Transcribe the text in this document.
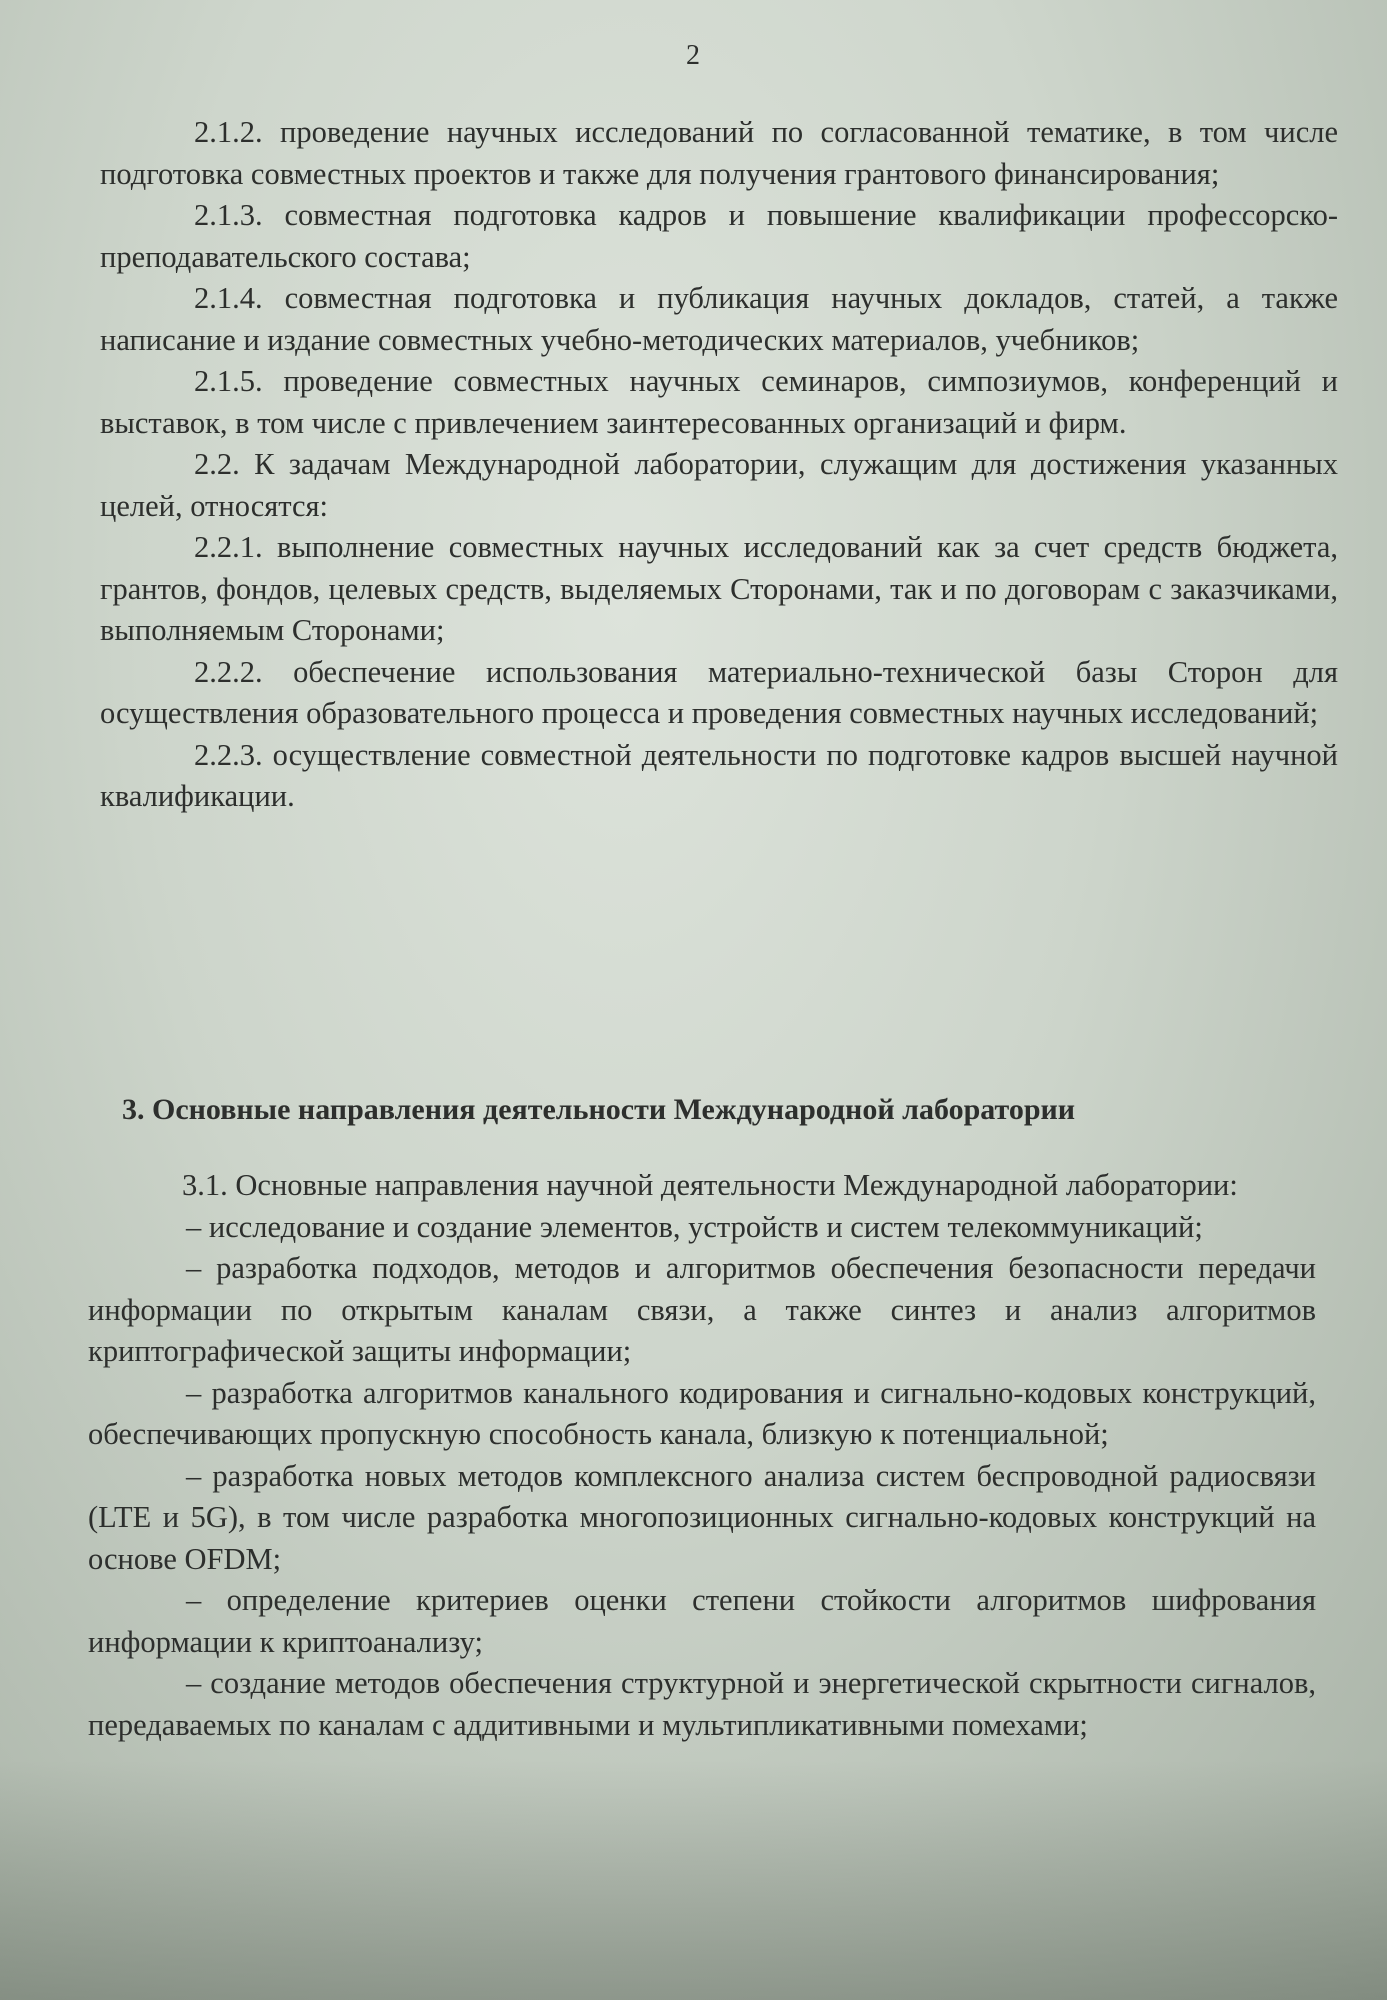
2

2.1.2. проведение научных исследований по согласованной тематике, в том числе подготовка совместных проектов и также для получения грантового финансирования;

2.1.3. совместная подготовка кадров и повышение квалификации профессорско-преподавательского состава;

2.1.4. совместная подготовка и публикация научных докладов, статей, а также написание и издание совместных учебно-методических материалов, учебников;

2.1.5. проведение совместных научных семинаров, симпозиумов, конференций и выставок, в том числе с привлечением заинтересованных организаций и фирм.

2.2. К задачам Международной лаборатории, служащим для достижения указанных целей, относятся:

2.2.1. выполнение совместных научных исследований как за счет средств бюджета, грантов, фондов, целевых средств, выделяемых Сторонами, так и по договорам с заказчиками, выполняемым Сторонами;

2.2.2. обеспечение использования материально-технической базы Сторон для осуществления образовательного процесса и проведения совместных научных исследований;

2.2.3. осуществление совместной деятельности по подготовке кадров высшей научной квалификации.

3. Основные направления деятельности Международной лаборатории

3.1. Основные направления научной деятельности Международной лаборатории:

– исследование и создание элементов, устройств и систем телекоммуникаций;

– разработка подходов, методов и алгоритмов обеспечения безопасности передачи информации по открытым каналам связи, а также синтез и анализ алгоритмов криптографической защиты информации;

– разработка алгоритмов канального кодирования и сигнально-кодовых конструкций, обеспечивающих пропускную способность канала, близкую к потенциальной;

– разработка новых методов комплексного анализа систем беспроводной радиосвязи (LTE и 5G), в том числе разработка многопозиционных сигнально-кодовых конструкций на основе OFDM;

– определение критериев оценки степени стойкости алгоритмов шифрования информации к криптоанализу;

– создание методов обеспечения структурной и энергетической скрытности сигналов, передаваемых по каналам с аддитивными и мультипликативными помехами;
